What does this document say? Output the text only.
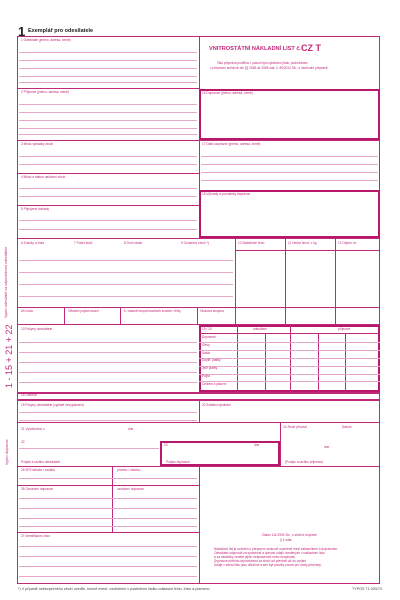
1 Exemplář pro odesílatele
1 Odesílatel (jméno, adresa, země)
2 Příjemce (jméno, adresa, země)
3 Místo vykládky zboží
4 Místo a datum naložení zboží
5 Připojené doklady
VNITROSTÁTNÍ NÁKLADNÍ LIST č. CZ T
Tato přeprava podléhá, i pokud bylo ujednáno jinak, podmínkám
v přepravní smlouvě dle §§ 2555 až 2585 zák. č. 89/2012 Sb., o obchodní přepravě.
16 Dopravce (jméno, adresa, země)
17 Další dopravce (jméno, adresa, země)
18 Výhrady a poznámky dopravce
6 Značky a čísla	7 Počet kusů	8 Druh obalu	9 Označení zboží *)	10 Statistické číslo	11 Hrubá hmot. v kg	12 Objem m³
UN číslo	Oficiální pojmenování	6. vlastně bezpečnostních značek / třídy	Obalová skupina
13 Pokyny odesílatele	19 / 20	odesílatel	příjemce
Dopravné
Slevy
Saldo
Doplň. platby
Jiné platby
Pojist.
Celkem k placení
14 Dobírka
15 Pokyny odesílatele (vyplaté nevyplaceno)	20 Zvláštní ujednání
21 Vyhotoveno v	dne	24 Zboží převzal	Datum
22
23	dne	dne
Podpis a razítko odesílatele	Podpis dopravce	(Podpis a razítko příjemce)
25 SPZ tahače / vozidla	přívěsu / návěsu
26 Označení dopravce	označení dopravce
27 Identifikační číslo	Zákon 111/1994 Sb., o silniční dopravě
§ 4 odst.
Nakládací list je uzavřen o přepravní smlouvě uzavřené mezi zákazníkem a dopravcem.
Odesílatel odpovídá za správnost a úplnost údajů uvedených v nákladním listu
a za následky vzniklé jejich nesprávností nebo neúplností.
Dopravce přebírá odpovědnost za zboží od převzetí až do vydání.
Údaje v tomto listu jsou důvěrné a smí být použity pouze pro účely přepravy.
Vyplní odesílatel na odpovědnost odesílatele
1 - 15 + 21 + 22
Vyplní dopravce
*) V případě nebezpečného zboží uveďte, kromě event. osvědčení v posledním řádku odstavce třídu, číslo a písmeno.	TYPOS 71 003/73
